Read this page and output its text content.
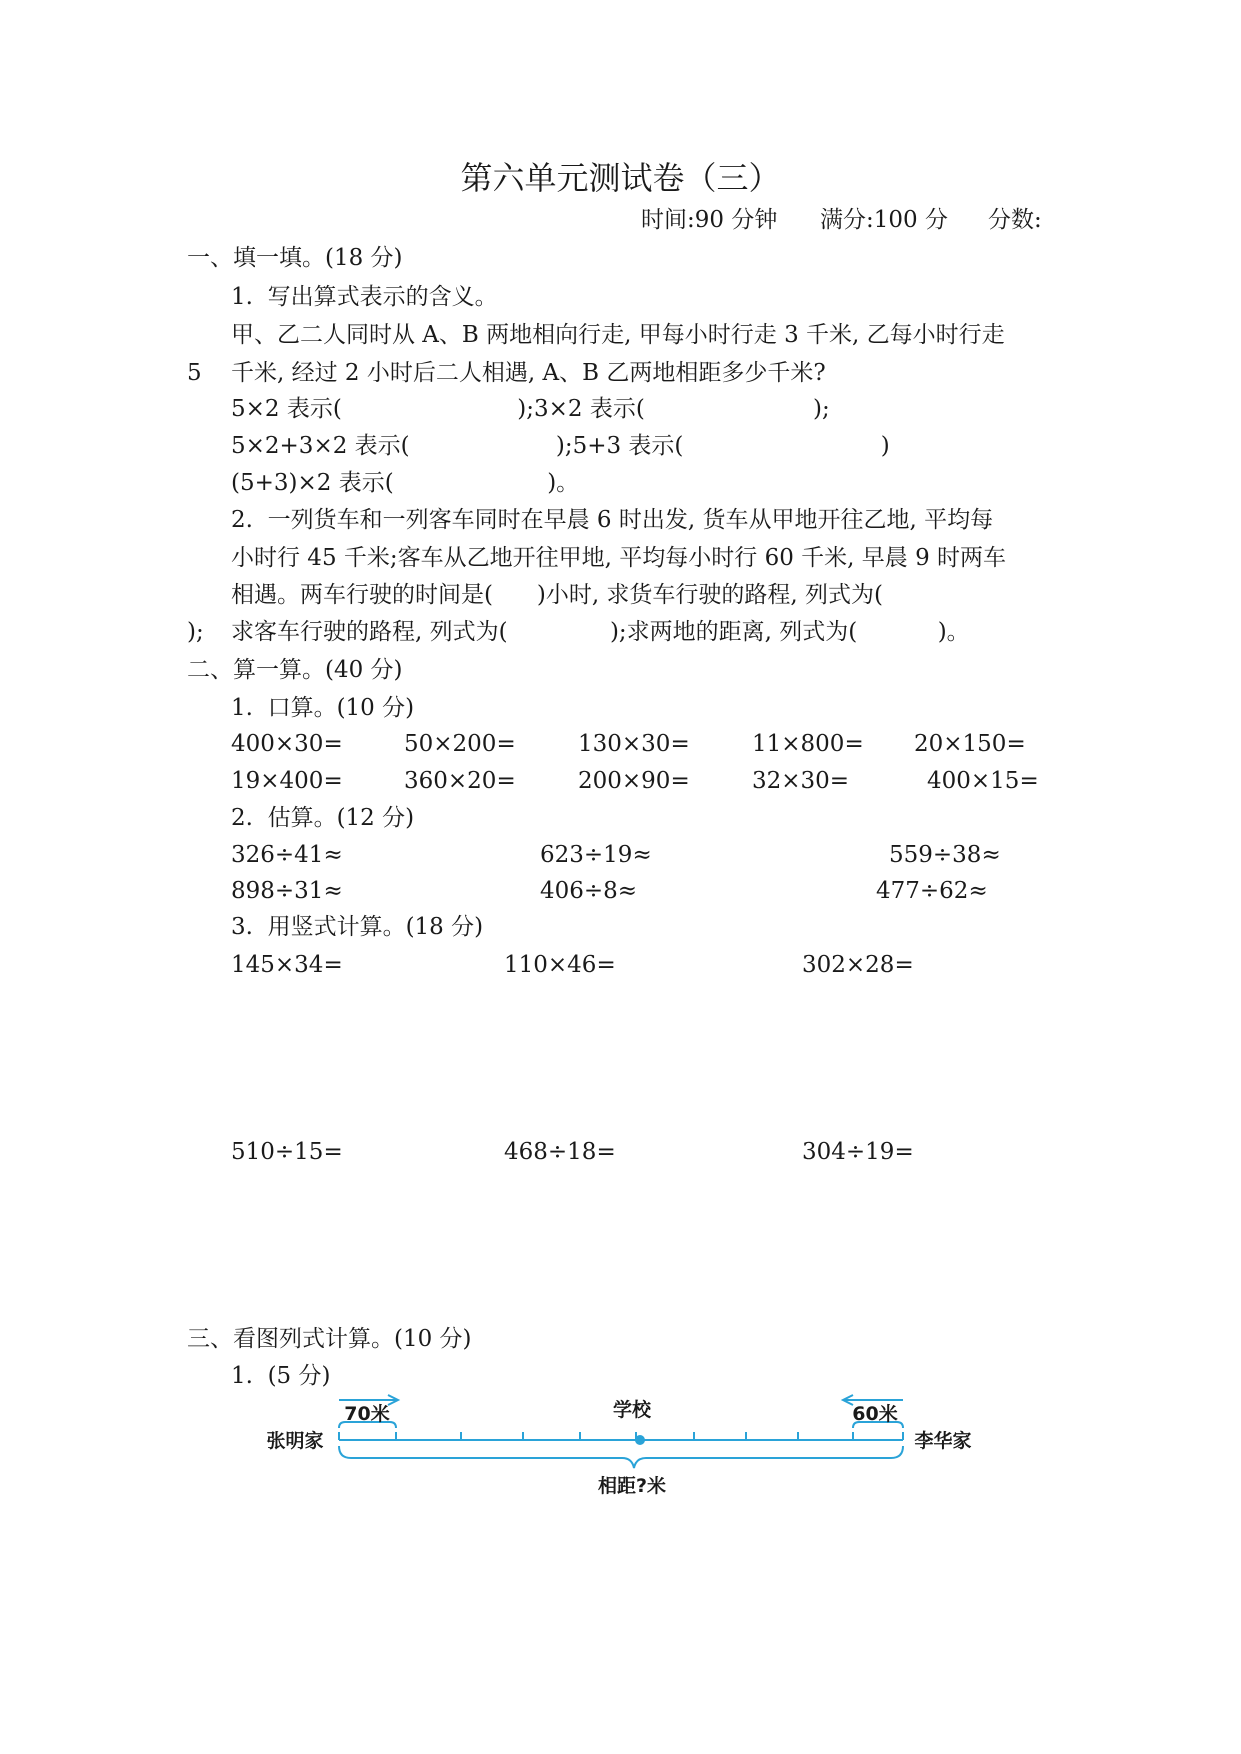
第六单元测试卷（三）
时间:90 分钟 满分:100 分 分数:
一、填一填。(18 分)
1.  写出算式表示的含义。
甲、乙二人同时从 A、B 两地相向行走, 甲每小时行走 3 千米, 乙每小时行走
5 千米, 经过 2 小时后二人相遇, A、B 乙两地相距多少千米?
5×2 表示(                        );3×2 表示(                       );
5×2+3×2 表示(                    );5+3 表示(                           )
(5+3)×2 表示(                     )。
2.  一列货车和一列客车同时在早晨 6 时出发, 货车从甲地开往乙地, 平均每
小时行 45 千米;客车从乙地开往甲地, 平均每小时行 60 千米, 早晨 9 时两车
相遇。两车行驶的时间是(      )小时, 求货车行驶的路程, 列式为(
); 求客车行驶的路程, 列式为(              );求两地的距离, 列式为(           )。
二、算一算。(40 分)
1.  口算。(10 分)
400×30=	50×200=	130×30=	11×800= 20×150=
19×400=	360×20=	200×90=	32×30=	400×15=
2.  估算。(12 分)
326÷41≈	623÷19≈	559÷38≈
898÷31≈	406÷8≈	477÷62≈
3.  用竖式计算。(18 分)
145×34=	110×46=	302×28=
510÷15=	468÷18=	304÷19=
三、看图列式计算。(10 分)
1.  (5 分)
70米	60米
学校
张明家	李华家
相距?米
